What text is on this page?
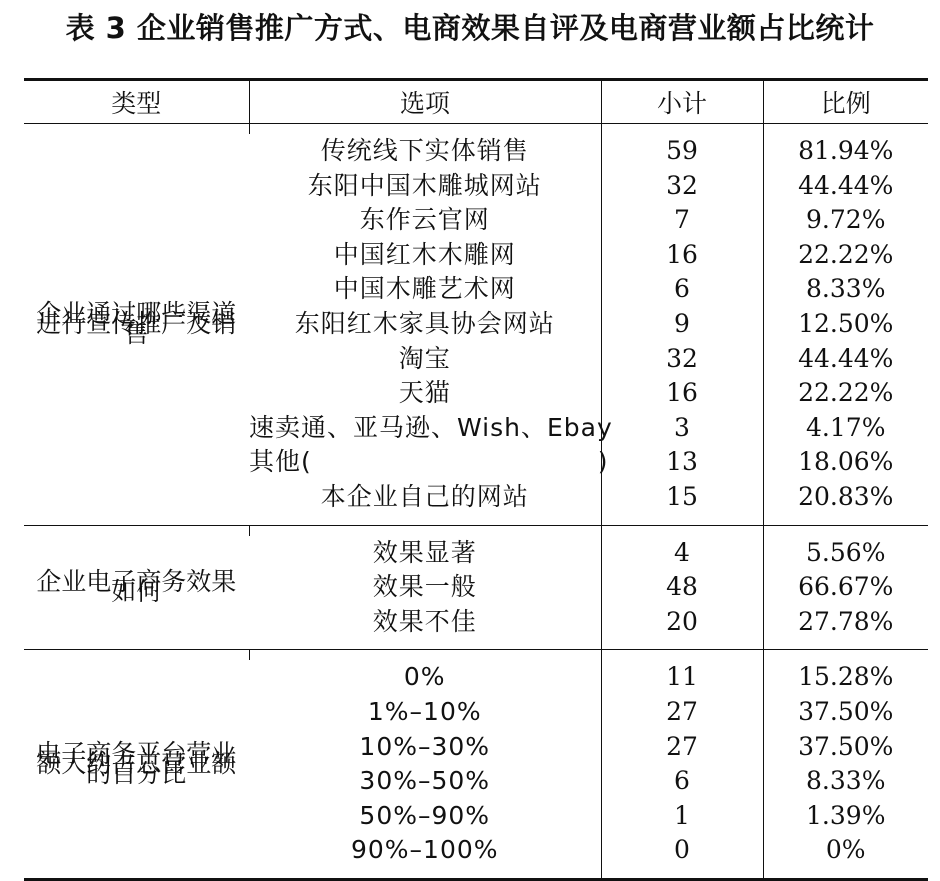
表 3 企业销售推广方式、电商效果自评及电商营业额占比统计
类型	选项	小计	比例
企业通过哪些渠道进行宣传推广及销售			
	传统线下实体销售	59	81.94%
	东阳中国木雕城网站	32	44.44%
	东作云官网	7	9.72%
	中国红木木雕网	16	22.22%
	中国木雕艺术网	6	8.33%
	东阳红木家具协会网站	9	12.50%
	淘宝	32	44.44%
	天猫	16	22.22%
	速卖通、亚马逊、Wish、Ebay	3	4.17%
	其他(　　　　　　　　　　　)	13	18.06%
	本企业自己的网站	15	20.83%

企业电子商务效果如何			
	效果显著	4	5.56%
	效果一般	48	66.67%
	效果不佳	20	27.78%

电子商务平台营业额大约占总营业额的百分比			
	0%	11	15.28%
	1%–10%	27	37.50%
	10%–30%	27	37.50%
	30%–50%	6	8.33%
	50%–90%	1	1.39%
	90%–100%	0	0%
